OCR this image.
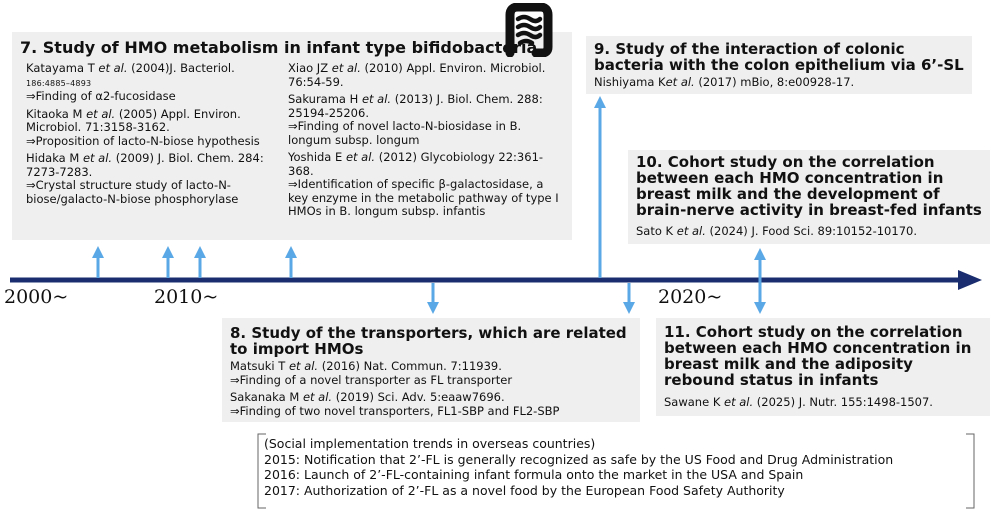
7. Study of HMO metabolism in infant type bifidobacteria
Katayama T et al. (2004)J. Bacteriol.
186:4885–4893
⇒Finding of α2-fucosidase
Kitaoka M et al. (2005) Appl. Environ. Microbiol. 71:3158-3162.
⇒Proposition of lacto-N-biose hypothesis
Hidaka M et al. (2009) J. Biol. Chem. 284: 7273-7283.
⇒Crystal structure study of lacto-N-biose/galacto-N-biose phosphorylase
Xiao JZ et al. (2010) Appl. Environ. Microbiol. 76:54-59.
Sakurama H et al. (2013) J. Biol. Chem. 288: 25194-25206.
⇒Finding of novel lacto-N-biosidase in B. longum subsp. longum
Yoshida E et al. (2012) Glycobiology 22:361-368.
⇒Identification of specific β-galactosidase, a key enzyme in the metabolic pathway of type Ⅰ HMOs in B. longum subsp. infantis
9. Study of the interaction of colonic bacteria with the colon epithelium via 6’-SL
Nishiyama Ket al. (2017) mBio, 8:e00928-17.
10. Cohort study on the correlation between each HMO concentration in breast milk and the development of brain-nerve activity in breast-fed infants
Sato K et al. (2024) J. Food Sci. 89:10152-10170.
8. Study of the transporters, which are related to import HMOs
Matsuki T et al. (2016) Nat. Commun. 7:11939.
⇒Finding of a novel transporter as FL transporter
Sakanaka M et al. (2019) Sci. Adv. 5:eaaw7696.
⇒Finding of two novel transporters, FL1-SBP and FL2-SBP
11. Cohort study on the correlation between each HMO concentration in breast milk and the adiposity rebound status in infants
Sawane K et al. (2025) J. Nutr. 155:1498-1507.
2000~	2010~	2020~
(Social implementation trends in overseas countries)
2015: Notification that 2’-FL is generally recognized as safe by the US Food and Drug Administration
2016: Launch of 2’-FL-containing infant formula onto the market in the USA and Spain
2017: Authorization of 2’-FL as a novel food by the European Food Safety Authority
